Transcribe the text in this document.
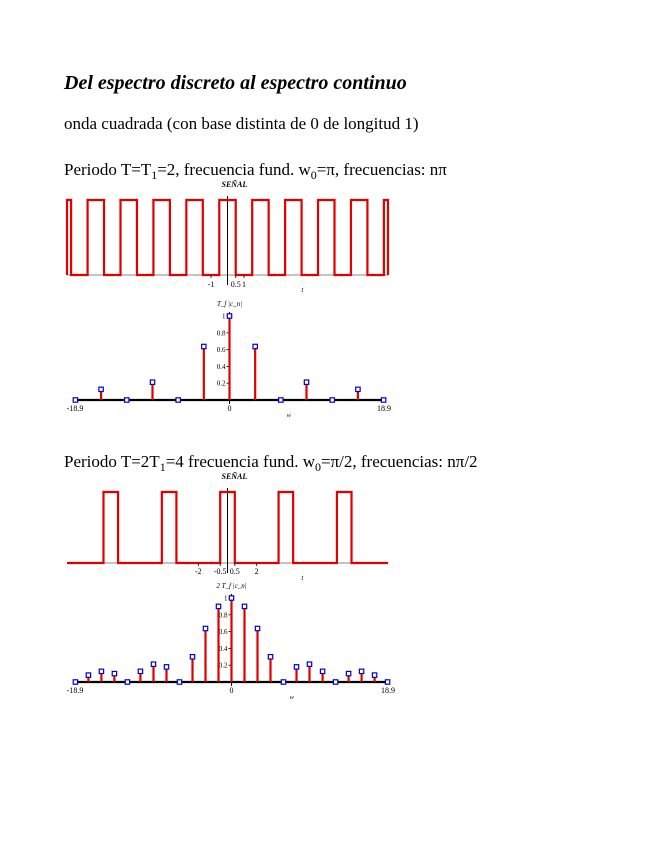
Del espectro discreto al espectro continuo
onda cuadrada (con base distinta de 0 de longitud 1)
Periodo $T=T_1=2$, frecuencia fund. $w_0=\pi$, frecuencias: nπ
Periodo $T=2T_1=4$ frecuencia fund. $w_0=\pi/2$, frecuencias: nπ/2
SEÑAL
-1 0.5 1
t
1
0.8
0.6
0.4
0.2
T_f |c_n|
-18.9	0	18.9
w
SEÑAL
-2 -0.5 0.5 2
t
1
0.8
0.6
0.4
0.2
2 T_f |c_n|
-18.9	0	18.9
w
